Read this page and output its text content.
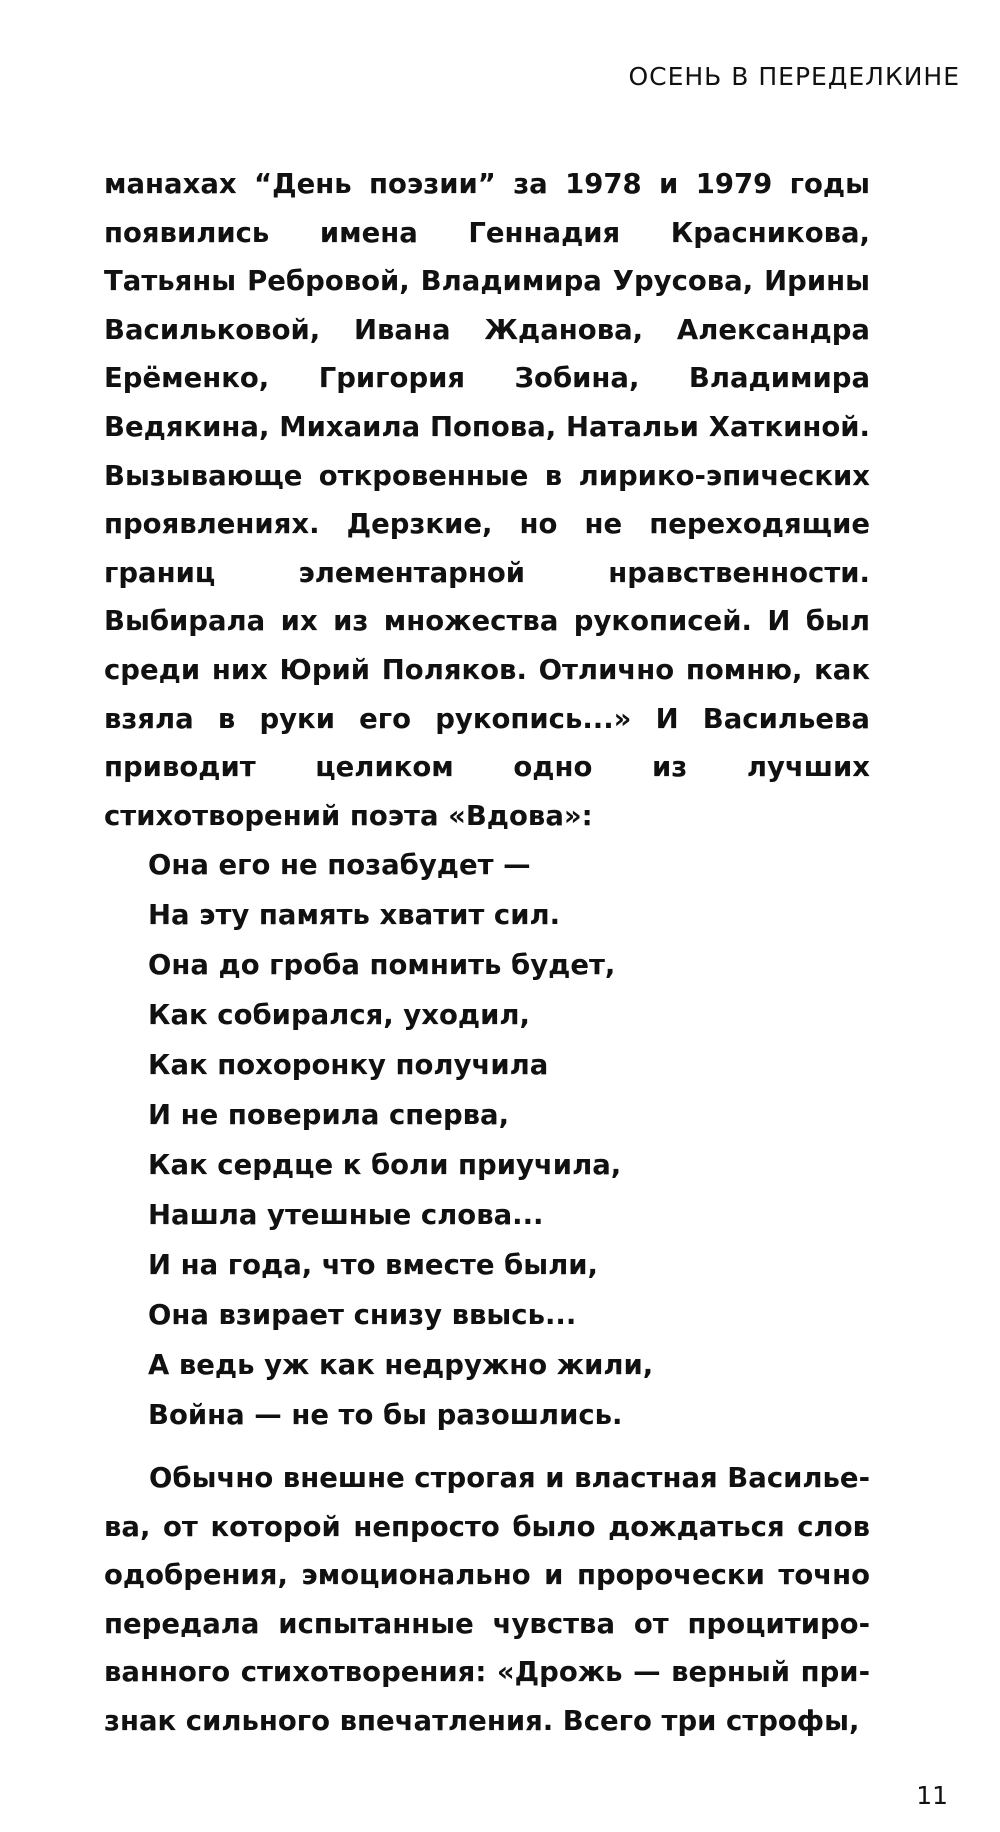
ОСЕНЬ В ПЕРЕДЕЛКИНЕ

манахах “День поэзии” за 1978 и 1979 годы появились имена Геннадия Красникова, Татьяны Ребровой, Владимира Урусова, Ирины Васильковой, Ивана Жданова, Александра Ерёменко, Григория Зобина, Владимира Ведякина, Михаила Попова, Натальи Хаткиной. Вызывающе откровенные в лирико-эпических проявлениях. Дерзкие, но не переходящие границ элементарной нравственности. Выбирала их из множества рукописей. И был среди них Юрий Поляков. Отлично помню, как взяла в руки его рукопись...» И Васильева приводит целиком одно из лучших стихотворений поэта «Вдова»:

Она его не позабудет —
На эту память хватит сил.
Она до гроба помнить будет,
Как собирался, уходил,
Как похоронку получила
И не поверила сперва,
Как сердце к боли приучила,
Нашла утешные слова...
И на года, что вместе были,
Она взирает снизу ввысь...
А ведь уж как недружно жили,
Война — не то бы разошлись.

Обычно внешне строгая и властная Васильева, от которой непросто было дождаться слов одобрения, эмоционально и пророчески точно передала испытанные чувства от процитированного стихотворения: «Дрожь — верный признак сильного впечатления. Всего три строфы,

11
